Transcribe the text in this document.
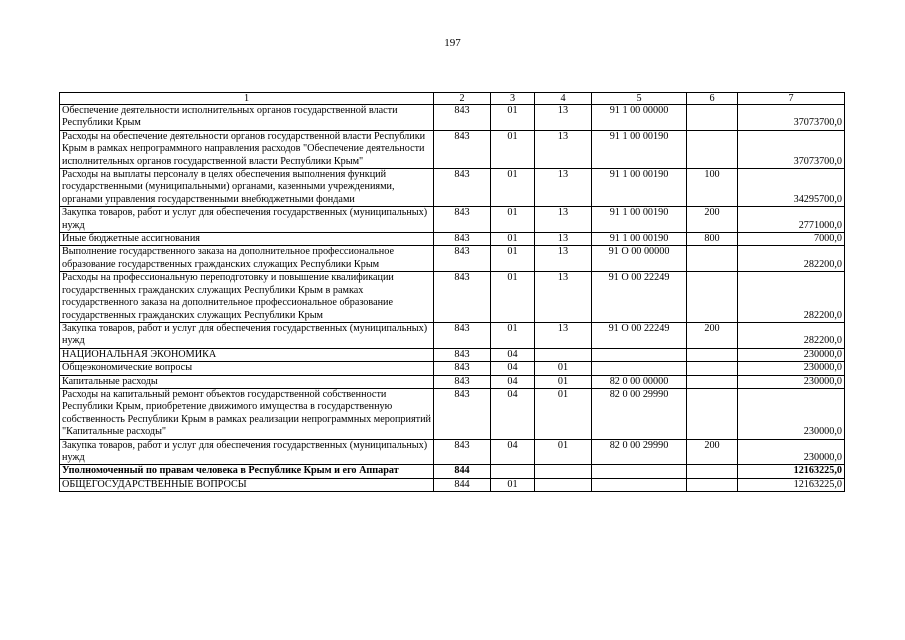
197
1	2	3	4	5	6	7
Обеспечение деятельности исполнительных органов государственной власти Республики Крым	843	01	13	91 1 00 00000		37073700,0
Расходы на обеспечение деятельности органов государственной власти Республики Крым в рамках непрограммного направления расходов "Обеспечение деятельности исполнительных органов государственной власти Республики Крым"	843	01	13	91 1 00 00190		37073700,0
Расходы на выплаты персоналу в целях обеспечения выполнения функций государственными (муниципальными) органами, казенными учреждениями, органами управления государственными внебюджетными фондами	843	01	13	91 1 00 00190	100	34295700,0
Закупка товаров, работ и услуг для обеспечения государственных (муниципальных) нужд	843	01	13	91 1 00 00190	200	2771000,0
Иные бюджетные ассигнования	843	01	13	91 1 00 00190	800	7000,0
Выполнение государственного заказа на дополнительное профессиональное образование государственных гражданских служащих Республики Крым	843	01	13	91 О 00 00000		282200,0
Расходы на профессиональную переподготовку и повышение квалификации государственных гражданских служащих Республики Крым в рамках государственного заказа на дополнительное профессиональное образование государственных гражданских служащих Республики Крым	843	01	13	91 О 00 22249		282200,0
Закупка товаров, работ и услуг для обеспечения государственных (муниципальных) нужд	843	01	13	91 О 00 22249	200	282200,0
НАЦИОНАЛЬНАЯ ЭКОНОМИКА	843	04				230000,0
Общеэкономические вопросы	843	04	01			230000,0
Капитальные расходы	843	04	01	82 0 00 00000		230000,0
Расходы на капитальный ремонт объектов государственной собственности Республики Крым, приобретение движимого имущества в государственную собственность Республики Крым в рамках реализации непрограммных мероприятий "Капитальные расходы"	843	04	01	82 0 00 29990		230000,0
Закупка товаров, работ и услуг для обеспечения государственных (муниципальных) нужд	843	04	01	82 0 00 29990	200	230000,0
Уполномоченный по правам человека в Республике Крым и его Аппарат	844					12163225,0
ОБЩЕГОСУДАРСТВЕННЫЕ ВОПРОСЫ	844	01				12163225,0
